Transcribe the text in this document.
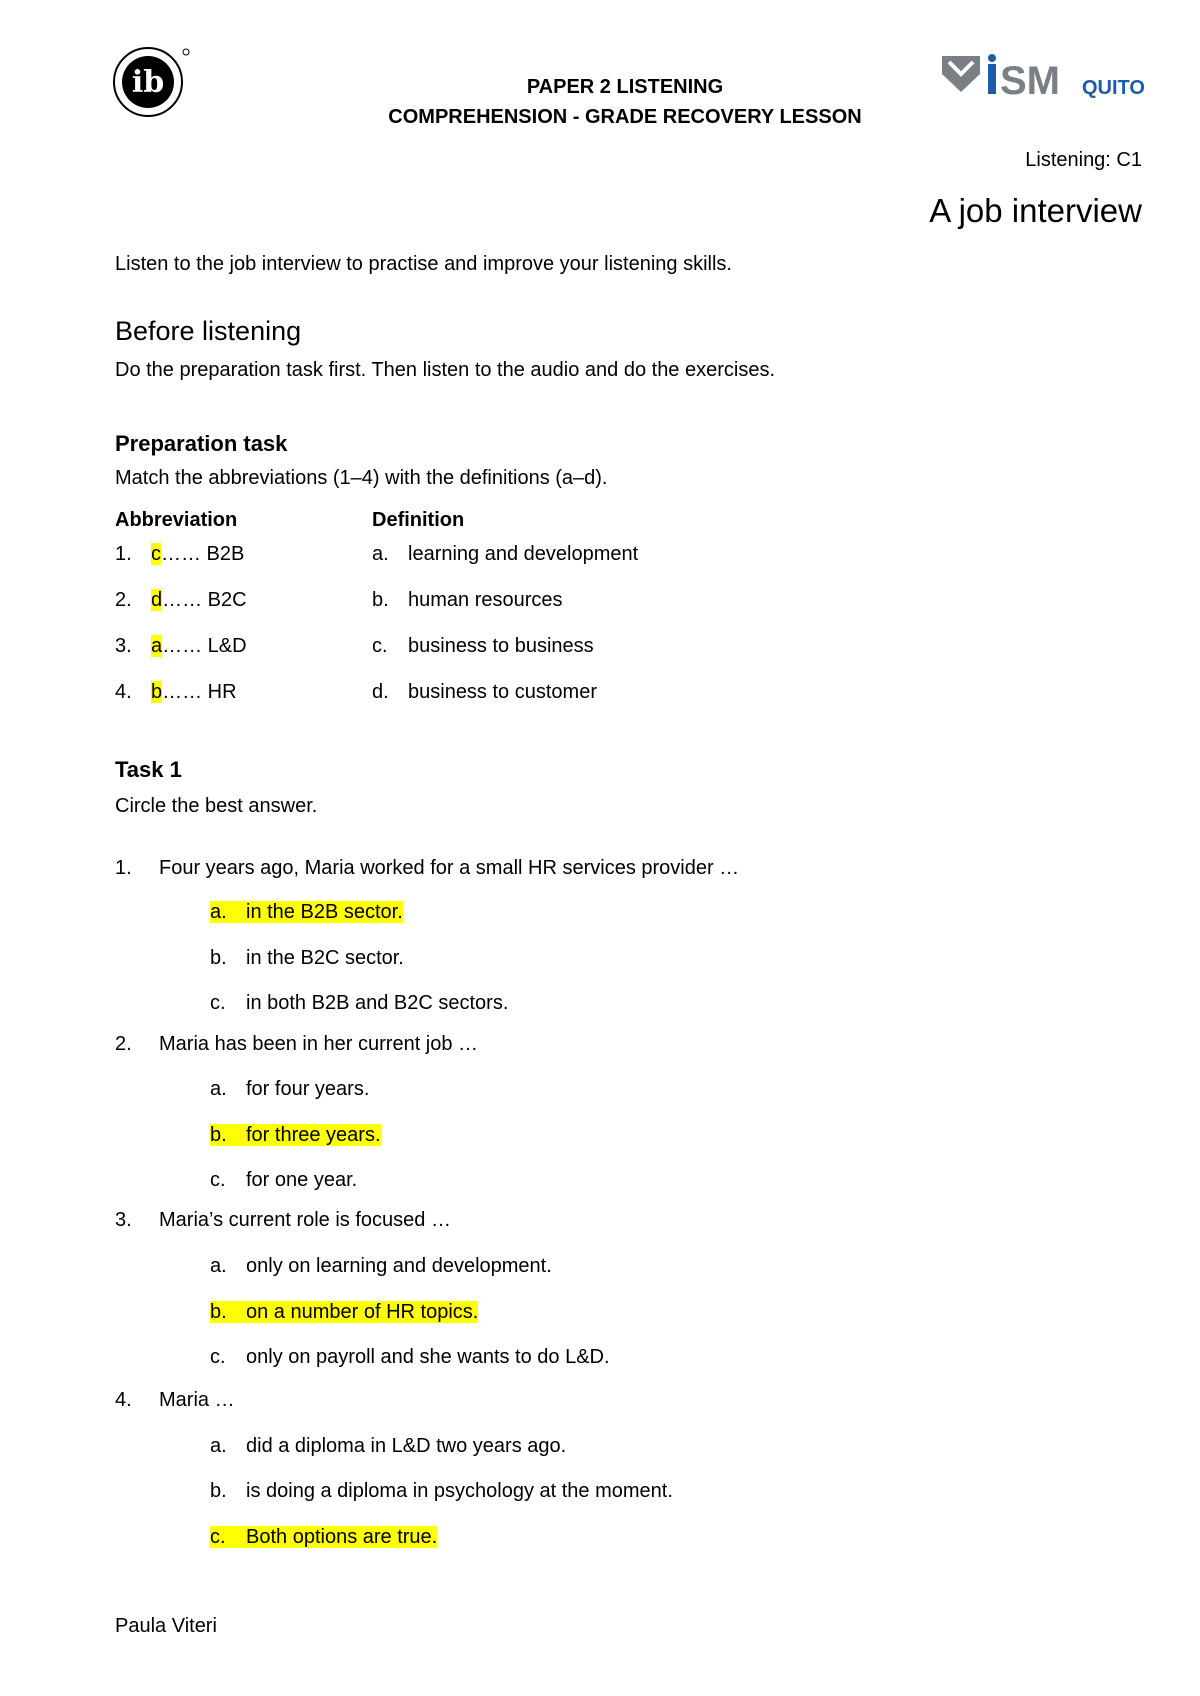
ib	SM QUITO
PAPER 2 LISTENING
COMPREHENSION - GRADE RECOVERY LESSON
Listening: C1
A job interview
Listen to the job interview to practise and improve your listening skills.
Before listening
Do the preparation task first. Then listen to the audio and do the exercises.
Preparation task
Match the abbreviations (1–4) with the definitions (a–d).
Abbreviation	Definition
1. c…… B2B	a. learning and development
2. d…… B2C	b. human resources
3. a…… L&D	c. business to business
4. b…… HR	d. business to customer
Task 1
Circle the best answer.
1. Four years ago, Maria worked for a small HR services provider …
a. in the B2B sector.
b. in the B2C sector.
c. in both B2B and B2C sectors.
2. Maria has been in her current job …
a. for four years.
b. for three years.
c. for one year.
3. Maria’s current role is focused …
a. only on learning and development.
b. on a number of HR topics.
c. only on payroll and she wants to do L&D.
4. Maria …
a. did a diploma in L&D two years ago.
b. is doing a diploma in psychology at the moment.
c. Both options are true.
Paula Viteri
